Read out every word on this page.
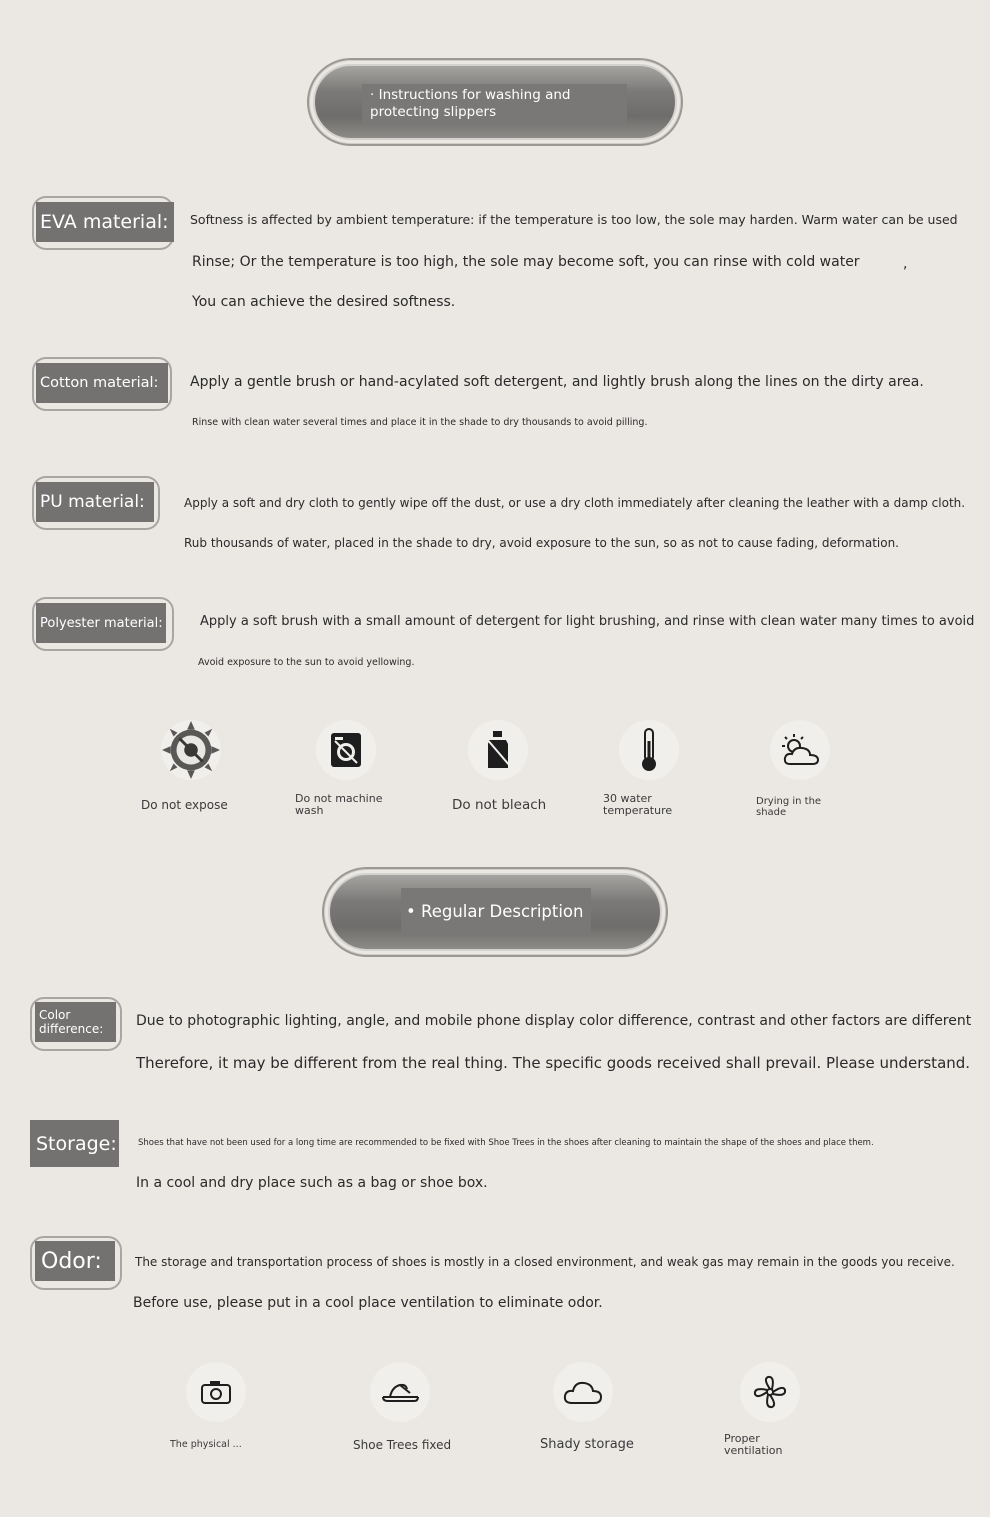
· Instructions for washing and protecting slippers
EVA material:	Softness is affected by ambient temperature: if the temperature is too low, the sole may harden. Warm water can be used
Rinse; Or the temperature is too high, the sole may become soft, you can rinse with cold water	,
You can achieve the desired softness.
Cotton material:	Apply a gentle brush or hand-acylated soft detergent, and lightly brush along the lines on the dirty area.
Rinse with clean water several times and place it in the shade to dry thousands to avoid pilling.
PU material:	Apply a soft and dry cloth to gently wipe off the dust, or use a dry cloth immediately after cleaning the leather with a damp cloth.
Rub thousands of water, placed in the shade to dry, avoid exposure to the sun, so as not to cause fading, deformation.
Polyester material:	Apply a soft brush with a small amount of detergent for light brushing, and rinse with clean water many times to avoid
Avoid exposure to the sun to avoid yellowing.
Do not expose	Do not machine wash	Do not bleach	30 water temperature
Drying in the shade
• Regular Description
Color difference:	Due to photographic lighting, angle, and mobile phone display color difference, contrast and other factors are different
Therefore, it may be different from the real thing. The specific goods received shall prevail. Please understand.
Storage:	Shoes that have not been used for a long time are recommended to be fixed with Shoe Trees in the shoes after cleaning to maintain the shape of the shoes and place them.
In a cool and dry place such as a bag or shoe box.
Odor:	The storage and transportation process of shoes is mostly in a closed environment, and weak gas may remain in the goods you receive.
Before use, please put in a cool place ventilation to eliminate odor.
The physical ...	Shoe Trees fixed	Shady storage	Proper ventilation
